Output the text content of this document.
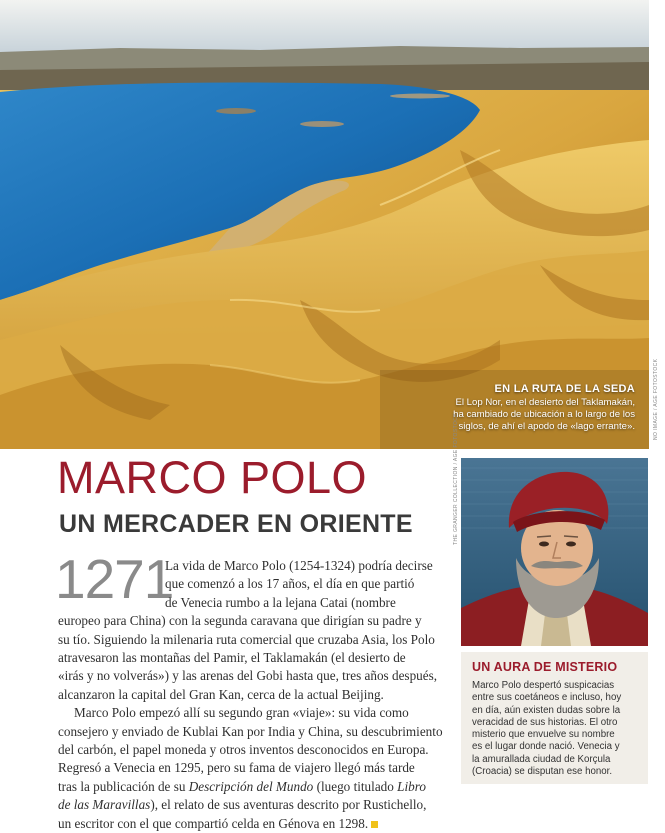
EN LA RUTA DE LA SEDA
El Lop Nor, en el desierto del Taklamakán,
ha cambiado de ubicación a lo largo de los
siglos, de ahí el apodo de «lago errante».	NO IMAGE / AGE FOTOSTOCK
MARCO POLO
UN MERCADER EN ORIENTE
1271

La vida de Marco Polo (1254-1324) podría decirse
que comenzó a los 17 años, el día en que partió
de Venecia rumbo a la lejana Catai (nombre
europeo para China) con la segunda caravana que dirigían su padre y
su tío. Siguiendo la milenaria ruta comercial que cruzaba Asia, los Polo
atravesaron las montañas del Pamir, el Taklamakán (el desierto de
«irás y no volverás») y las arenas del Gobi hasta que, tres años después,
alcanzaron la capital del Gran Kan, cerca de la actual Beijing.

Marco Polo empezó allí su segundo gran «viaje»: su vida como
consejero y enviado de Kublai Kan por India y China, su descubrimiento
del carbón, el papel moneda y otros inventos desconocidos en Europa.
Regresó a Venecia en 1295, pero su fama de viajero llegó más tarde
tras la publicación de su Descripción del Mundo (luego titulado Libro
de las Maravillas), el relato de sus aventuras descrito por Rustichello,
un escritor con el que compartió celda en Génova en 1298.

THE GRANGER COLLECTION / AGE FOTOSTOCK
UN AURA DE MISTERIO
Marco Polo despertó suspicacias
entre sus coetáneos e incluso, hoy
en día, aún existen dudas sobre la
veracidad de sus historias. El otro
misterio que envuelve su nombre
es el lugar donde nació. Venecia y
la amurallada ciudad de Korçula
(Croacia) se disputan ese honor.
